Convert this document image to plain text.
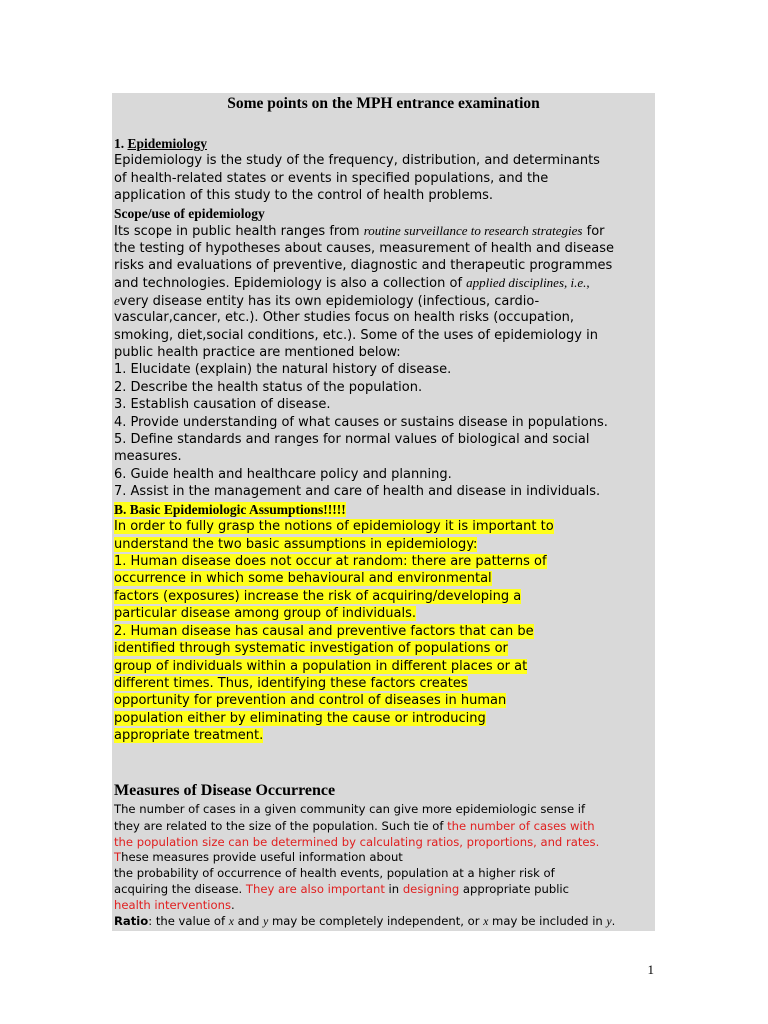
Some points on the MPH entrance examination
1. Epidemiology
Epidemiology is the study of the frequency, distribution, and determinants
of health-related states or events in specified populations, and the
application of this study to the control of health problems.
Scope/use of epidemiology
Its scope in public health ranges from routine surveillance to research strategies for
the testing of hypotheses about causes, measurement of health and disease
risks and evaluations of preventive, diagnostic and therapeutic programmes
and technologies. Epidemiology is also a collection of applied disciplines, i.e.,
every disease entity has its own epidemiology (infectious, cardio-
vascular,cancer, etc.). Other studies focus on health risks (occupation,
smoking, diet,social conditions, etc.). Some of the uses of epidemiology in
public health practice are mentioned below:
1. Elucidate (explain) the natural history of disease.
2. Describe the health status of the population.
3. Establish causation of disease.
4. Provide understanding of what causes or sustains disease in populations.
5. Define standards and ranges for normal values of biological and social
measures.
6. Guide health and healthcare policy and planning.
7. Assist in the management and care of health and disease in individuals.
B. Basic Epidemiologic Assumptions!!!!!
In order to fully grasp the notions of epidemiology it is important to
understand the two basic assumptions in epidemiology:
1. Human disease does not occur at random: there are patterns of
occurrence in which some behavioural and environmental
factors (exposures) increase the risk of acquiring/developing a
particular disease among group of individuals.
2. Human disease has causal and preventive factors that can be
identified through systematic investigation of populations or
group of individuals within a population in different places or at
different times. Thus, identifying these factors creates
opportunity for prevention and control of diseases in human
population either by eliminating the cause or introducing
appropriate treatment.
Measures of Disease Occurrence
The number of cases in a given community can give more epidemiologic sense if
they are related to the size of the population. Such tie of the number of cases with
the population size can be determined by calculating ratios, proportions, and rates.
These measures provide useful information about
the probability of occurrence of health events, population at a higher risk of
acquiring the disease. They are also important in designing appropriate public
health interventions.
Ratio: the value of x and y may be completely independent, or x may be included in y.
1
